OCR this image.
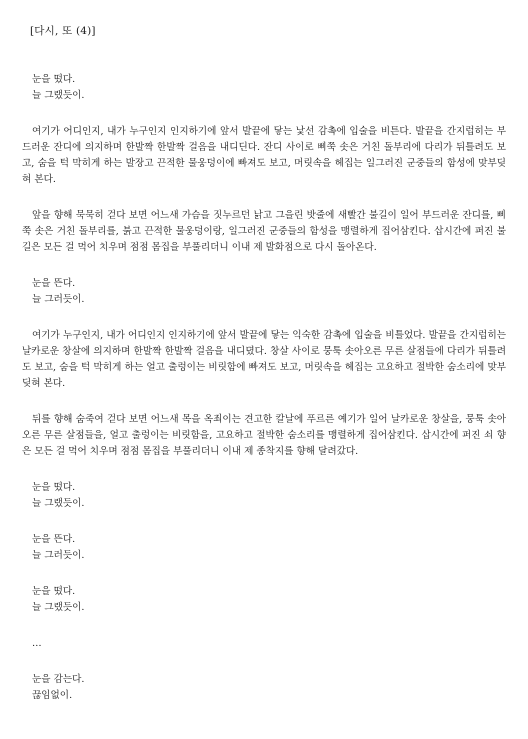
[다시, 또 (4)]

눈을 떴다.

늘 그랬듯이.

여기가 어디인지, 내가 누구인지 인지하기에 앞서 발끝에 닿는 낯선 감촉에 입술을 비튼다. 발끝을 간지럽히는 부드러운 잔디에 의지하며 한발짝 한발짝 걸음을 내디딘다. 잔디 사이로 삐쭉 솟은 거친 돌부리에 다리가 뒤틀려도 보고, 숨을 턱 막히게 하는 발장고 끈적한 물웅덩이에 빠져도 보고, 머릿속을 헤집는 일그러진 군중들의 함성에 맞부딪혀 본다.

앞을 향해 묵묵히 걷다 보면 어느새 가슴을 짓누르던 낡고 그을린 밧줄에 새빨간 불길이 일어 부드러운 잔디를, 삐쭉 솟은 거친 돌부리를, 붉고 끈적한 물웅덩이랑, 일그러진 군중들의 함성을 맹렬하게 집어삼킨다. 삽시간에 퍼진 불길은 모든 걸 먹어 치우며 점점 몸집을 부풀리더니 이내 제 발화점으로 다시 돌아온다.

눈을 뜬다.

늘 그러듯이.

여기가 누구인지, 내가 어디인지 인지하기에 앞서 발끝에 닿는 익숙한 감촉에 입술을 비틀었다. 발끝을 간지럽히는 날카로운 창살에 의지하며 한발짝 한발짝 걸음을 내디뎠다. 창살 사이로 뭉툭 솟아오른 무른 살점들에 다리가 뒤틀려도 보고, 숨을 턱 막히게 하는 얼고 출렁이는 비릿함에 빠져도 보고, 머릿속을 헤집는 고요하고 절박한 숨소리에 맞부딪혀 본다.

뒤를 향해 숨죽여 걷다 보면 어느새 목을 옥죄이는 견고한 칼날에 푸르른 예기가 일어 날카로운 창살을, 뭉툭 솟아오른 무른 살점들을, 얼고 출렁이는 비릿함을, 고요하고 절박한 숨소리를 맹렬하게 집어삼킨다. 삽시간에 퍼진 쇠 향은 모든 걸 먹어 치우며 점점 몸집을 부풀리더니 이내 제 종착지를 향해 달려갔다.

눈을 떴다.

늘 그랬듯이.

눈을 뜬다.

늘 그러듯이.

눈을 떴다.

늘 그랬듯이.

…

눈을 감는다.

끊임없이.
